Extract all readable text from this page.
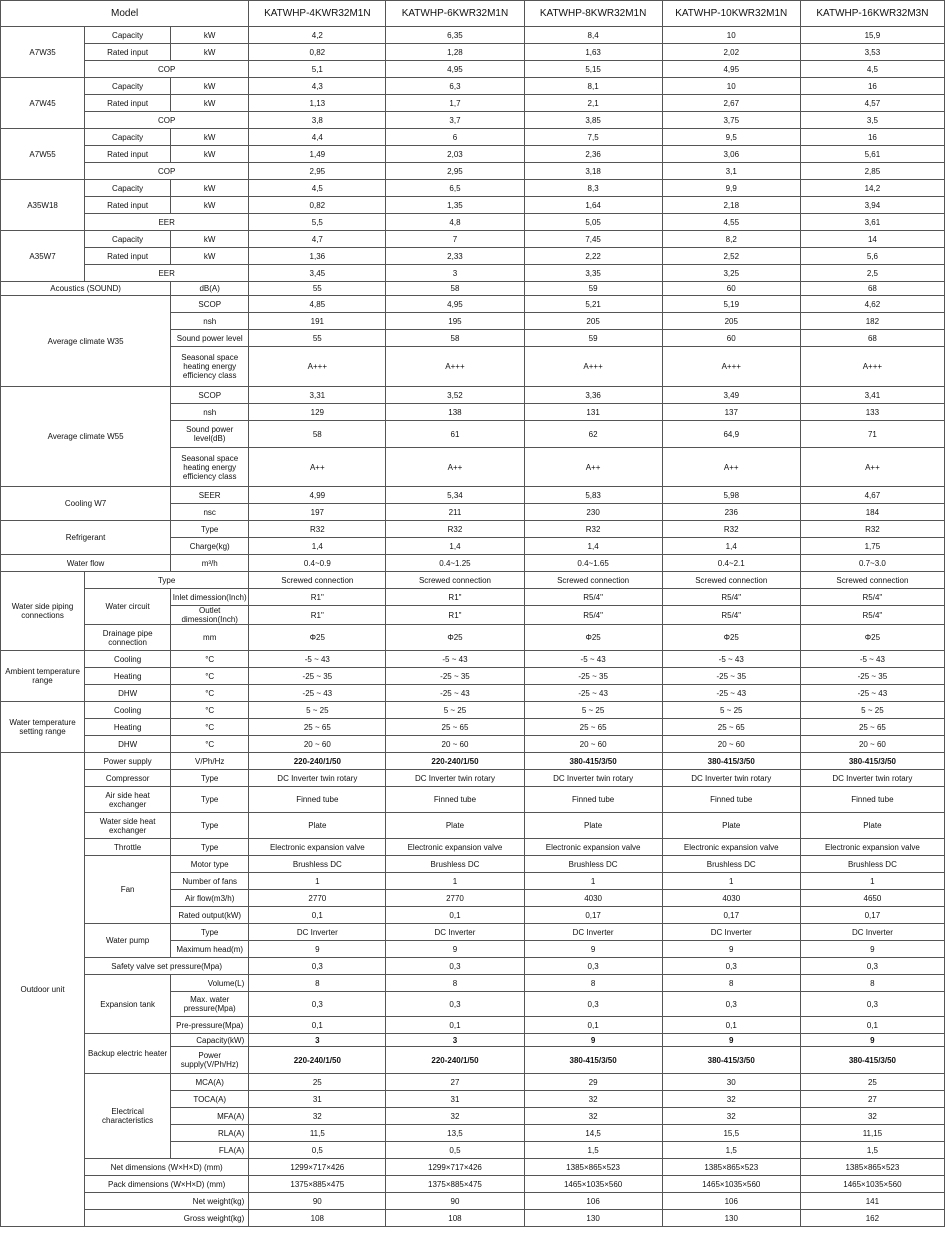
Model			KATWHP-4KWR32M1N	KATWHP-6KWR32M1N	KATWHP-8KWR32M1N	KATWHP-10KWR32M1N	KATWHP-16KWR32M3N
A7W35	Capacity	kW	4,2	6,35	8,4	10	15,9
	Rated input	kW	0,82	1,28	1,63	2,02	3,53
	COP		5,1	4,95	5,15	4,95	4,5
A7W45	Capacity	kW	4,3	6,3	8,1	10	16
	Rated input	kW	1,13	1,7	2,1	2,67	4,57
	COP		3,8	3,7	3,85	3,75	3,5
A7W55	Capacity	kW	4,4	6	7,5	9,5	16
	Rated input	kW	1,49	2,03	2,36	3,06	5,61
	COP		2,95	2,95	3,18	3,1	2,85
A35W18	Capacity	kW	4,5	6,5	8,3	9,9	14,2
	Rated input	kW	0,82	1,35	1,64	2,18	3,94
	EER		5,5	4,8	5,05	4,55	3,61
A35W7	Capacity	kW	4,7	7	7,45	8,2	14
	Rated input	kW	1,36	2,33	2,22	2,52	5,6
	EER		3,45	3	3,35	3,25	2,5
Acoustics (SOUND)		dB(A)	55	58	59	60	68
Average climate W35		SCOP	4,85	4,95	5,21	5,19	4,62
		nsh	191	195	205	205	182
		Sound power level	55	58	59	60	68
		Seasonal space heating energy efficiency class	A+++	A+++	A+++	A+++	A+++
Average climate W55		SCOP	3,31	3,52	3,36	3,49	3,41
		nsh	129	138	131	137	133
		Sound power level(dB)	58	61	62	64,9	71
		Seasonal space heating energy efficiency class	A++	A++	A++	A++	A++
Cooling W7		SEER	4,99	5,34	5,83	5,98	4,67
		nsc	197	211	230	236	184
Refrigerant		Type	R32	R32	R32	R32	R32
		Charge(kg)	1,4	1,4	1,4	1,4	1,75
Water flow		m³/h	0.4~0.9	0.4~1.25	0.4~1.65	0.4~2.1	0.7~3.0
Water side piping connections	Type		Screwed connection	Screwed connection	Screwed connection	Screwed connection	Screwed connection
	Water circuit	Inlet dimession(Inch)	R1"	R1"	R5/4"	R5/4"	R5/4"
		Outlet dimession(Inch)	R1"	R1"	R5/4"	R5/4"	R5/4"
	Drainage pipe connection	mm	Φ25	Φ25	Φ25	Φ25	Φ25
Ambient temperature range	Cooling	°C	-5 ~ 43	-5 ~ 43	-5 ~ 43	-5 ~ 43	-5 ~ 43
	Heating	°C	-25 ~ 35	-25 ~ 35	-25 ~ 35	-25 ~ 35	-25 ~ 35
	DHW	°C	-25 ~ 43	-25 ~ 43	-25 ~ 43	-25 ~ 43	-25 ~ 43
Water temperature setting range	Cooling	°C	5 ~ 25	5 ~ 25	5 ~ 25	5 ~ 25	5 ~ 25
	Heating	°C	25 ~ 65	25 ~ 65	25 ~ 65	25 ~ 65	25 ~ 65
	DHW	°C	20 ~ 60	20 ~ 60	20 ~ 60	20 ~ 60	20 ~ 60
Outdoor unit	Power supply	V/Ph/Hz	220-240/1/50	220-240/1/50	380-415/3/50	380-415/3/50	380-415/3/50
	Compressor	Type	DC Inverter twin rotary	DC Inverter twin rotary	DC Inverter twin rotary	DC Inverter twin rotary	DC Inverter twin rotary
	Air side heat exchanger	Type	Finned tube	Finned tube	Finned tube	Finned tube	Finned tube
	Water side heat exchanger	Type	Plate	Plate	Plate	Plate	Plate
	Throttle	Type	Electronic expansion valve	Electronic expansion valve	Electronic expansion valve	Electronic expansion valve	Electronic expansion valve
	Fan	Motor type	Brushless DC	Brushless DC	Brushless DC	Brushless DC	Brushless DC
		Number of fans	1	1	1	1	1
		Air flow(m3/h)	2770	2770	4030	4030	4650
		Rated output(kW)	0,1	0,1	0,17	0,17	0,17
	Water pump	Type	DC Inverter	DC Inverter	DC Inverter	DC Inverter	DC Inverter
		Maximum head(m)	9	9	9	9	9
	Safety valve set pressure(Mpa)		0,3	0,3	0,3	0,3	0,3
	Expansion tank	Volume(L)	8	8	8	8	8
		Max. water pressure(Mpa)	0,3	0,3	0,3	0,3	0,3
		Pre-pressure(Mpa)	0,1	0,1	0,1	0,1	0,1
	Backup electric heater	Capacity(kW)	3	3	9	9	9
		Power supply(V/Ph/Hz)	220-240/1/50	220-240/1/50	380-415/3/50	380-415/3/50	380-415/3/50
	Electrical characteristics	MCA(A)	25	27	29	30	25
		TOCA(A)	31	31	32	32	27
		MFA(A)	32	32	32	32	32
		RLA(A)	11,5	13,5	14,5	15,5	11,15
		FLA(A)	0,5	0,5	1,5	1,5	1,5
	Net dimensions (W×H×D) (mm)		1299×717×426	1299×717×426	1385×865×523	1385×865×523	1385×865×523
	Pack dimensions (W×H×D) (mm)		1375×885×475	1375×885×475	1465×1035×560	1465×1035×560	1465×1035×560
	Net weight(kg)		90	90	106	106	141
	Gross weight(kg)		108	108	130	130	162
